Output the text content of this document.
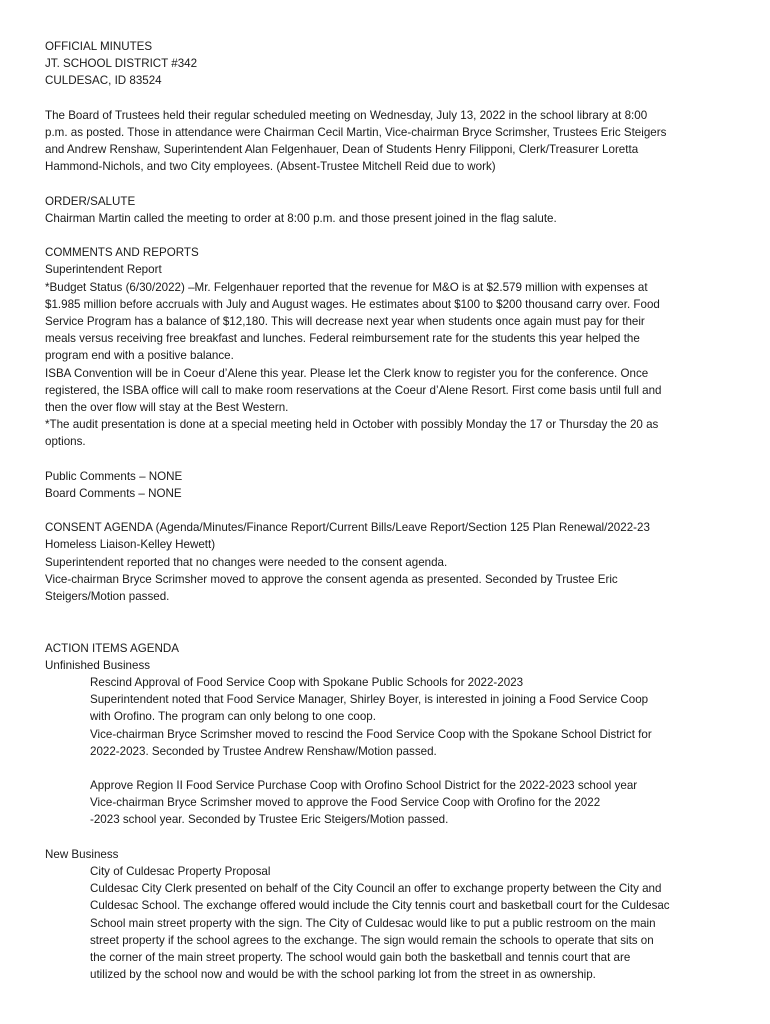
OFFICIAL MINUTES
JT. SCHOOL DISTRICT #342
CULDESAC, ID 83524
The Board of Trustees held their regular scheduled meeting on Wednesday, July 13, 2022 in the school library at 8:00
p.m. as posted. Those in attendance were Chairman Cecil Martin, Vice-chairman Bryce Scrimsher, Trustees Eric Steigers
and Andrew Renshaw, Superintendent Alan Felgenhauer, Dean of Students Henry Filipponi, Clerk/Treasurer Loretta
Hammond-Nichols, and two City employees. (Absent-Trustee Mitchell Reid due to work)
ORDER/SALUTE
Chairman Martin called the meeting to order at 8:00 p.m. and those present joined in the flag salute.
COMMENTS AND REPORTS
Superintendent Report
*Budget Status (6/30/2022) –Mr. Felgenhauer reported that the revenue for M&O is at $2.579 million with expenses at
$1.985 million before accruals with July and August wages. He estimates about $100 to $200 thousand carry over. Food
Service Program has a balance of $12,180. This will decrease next year when students once again must pay for their
meals versus receiving free breakfast and lunches. Federal reimbursement rate for the students this year helped the
program end with a positive balance.
ISBA Convention will be in Coeur d’Alene this year. Please let the Clerk know to register you for the conference. Once
registered, the ISBA office will call to make room reservations at the Coeur d’Alene Resort. First come basis until full and
then the over flow will stay at the Best Western.
*The audit presentation is done at a special meeting held in October with possibly Monday the 17 or Thursday the 20 as
options.
Public Comments – NONE
Board Comments – NONE
CONSENT AGENDA (Agenda/Minutes/Finance Report/Current Bills/Leave Report/Section 125 Plan Renewal/2022-23
Homeless Liaison-Kelley Hewett)
Superintendent reported that no changes were needed to the consent agenda.
Vice-chairman Bryce Scrimsher moved to approve the consent agenda as presented. Seconded by Trustee Eric
Steigers/Motion passed.
ACTION ITEMS AGENDA
Unfinished Business
Rescind Approval of Food Service Coop with Spokane Public Schools for 2022-2023
Superintendent noted that Food Service Manager, Shirley Boyer, is interested in joining a Food Service Coop
with Orofino. The program can only belong to one coop.
Vice-chairman Bryce Scrimsher moved to rescind the Food Service Coop with the Spokane School District for
2022-2023. Seconded by Trustee Andrew Renshaw/Motion passed.
Approve Region II Food Service Purchase Coop with Orofino School District for the 2022-2023 school year
Vice-chairman Bryce Scrimsher moved to approve the Food Service Coop with Orofino for the 2022
-2023 school year. Seconded by Trustee Eric Steigers/Motion passed.
New Business
City of Culdesac Property Proposal
Culdesac City Clerk presented on behalf of the City Council an offer to exchange property between the City and
Culdesac School. The exchange offered would include the City tennis court and basketball court for the Culdesac
School main street property with the sign. The City of Culdesac would like to put a public restroom on the main
street property if the school agrees to the exchange. The sign would remain the schools to operate that sits on
the corner of the main street property. The school would gain both the basketball and tennis court that are
utilized by the school now and would be with the school parking lot from the street in as ownership.
